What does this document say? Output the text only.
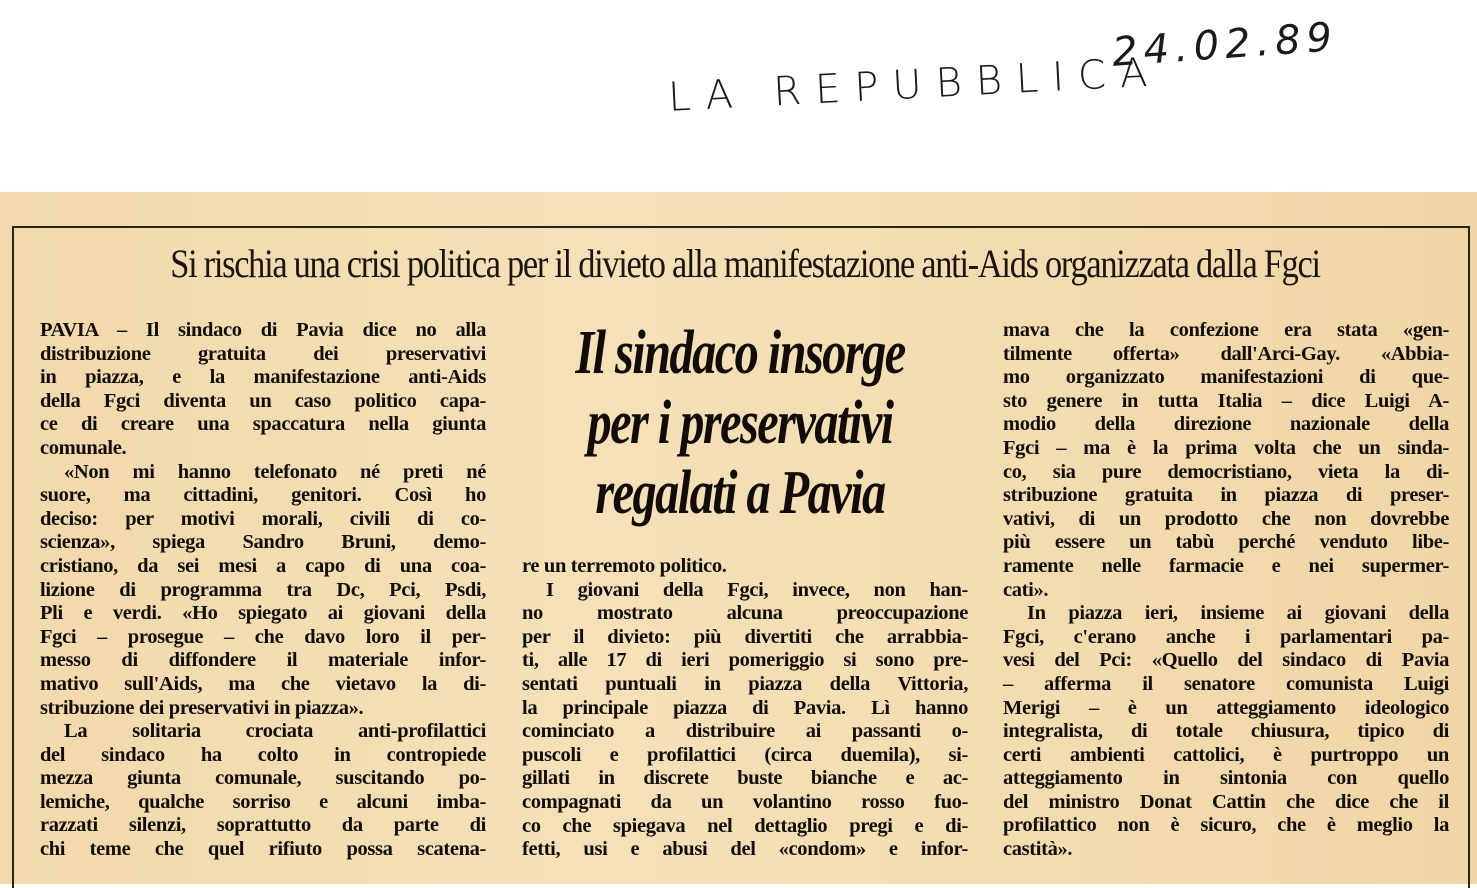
LA REPUBBLICA
24.02.89
Si rischia una crisi politica per il divieto alla manifestazione anti-Aids organizzata dalla Fgci
Il sindaco insorge
per i preservativi
regalati a Pavia
PAVIA – Il sindaco di Pavia dice no alla
distribuzione gratuita dei preservativi
in piazza, e la manifestazione anti-Aids
della Fgci diventa un caso politico capa-
ce di creare una spaccatura nella giunta
comunale.
«Non mi hanno telefonato né preti né
suore, ma cittadini, genitori. Così ho
deciso: per motivi morali, civili di co-
scienza», spiega Sandro Bruni, demo-
cristiano, da sei mesi a capo di una coa-
lizione di programma tra Dc, Pci, Psdi,
Pli e verdi. «Ho spiegato ai giovani della
Fgci – prosegue – che davo loro il per-
messo di diffondere il materiale infor-
mativo sull'Aids, ma che vietavo la di-
stribuzione dei preservativi in piazza».
La solitaria crociata anti-profilattici
del sindaco ha colto in contropiede
mezza giunta comunale, suscitando po-
lemiche, qualche sorriso e alcuni imba-
razzati silenzi, soprattutto da parte di
chi teme che quel rifiuto possa scatena-
re un terremoto politico.
I giovani della Fgci, invece, non han-
no mostrato alcuna preoccupazione
per il divieto: più divertiti che arrabbia-
ti, alle 17 di ieri pomeriggio si sono pre-
sentati puntuali in piazza della Vittoria,
la principale piazza di Pavia. Lì hanno
cominciato a distribuire ai passanti o-
puscoli e profilattici (circa duemila), si-
gillati in discrete buste bianche e ac-
compagnati da un volantino rosso fuo-
co che spiegava nel dettaglio pregi e di-
fetti, usi e abusi del «condom» e infor-
mava che la confezione era stata «gen-
tilmente offerta» dall'Arci-Gay. «Abbia-
mo organizzato manifestazioni di que-
sto genere in tutta Italia – dice Luigi A-
modio della direzione nazionale della
Fgci – ma è la prima volta che un sinda-
co, sia pure democristiano, vieta la di-
stribuzione gratuita in piazza di preser-
vativi, di un prodotto che non dovrebbe
più essere un tabù perché venduto libe-
ramente nelle farmacie e nei supermer-
cati».
In piazza ieri, insieme ai giovani della
Fgci, c'erano anche i parlamentari pa-
vesi del Pci: «Quello del sindaco di Pavia
– afferma il senatore comunista Luigi
Merigi – è un atteggiamento ideologico
integralista, di totale chiusura, tipico di
certi ambienti cattolici, è purtroppo un
atteggiamento in sintonia con quello
del ministro Donat Cattin che dice che il
profilattico non è sicuro, che è meglio la
castità».
